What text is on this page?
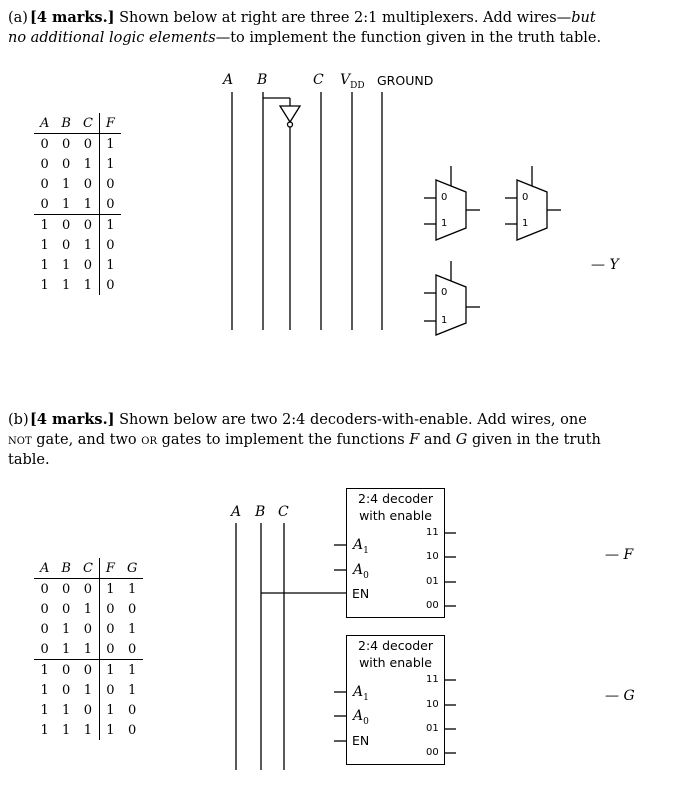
(a) [4 marks.] Shown below at right are three 2:1 multiplexers. Add wires—but no additional logic elements—to implement the function given in the truth table.
A B	C $V_{DD}$ GROUND
A	B	C	F
0	0	0	1
0	0	1	1
0	1	0	0
0	1	1	0
1	0	0	1
1	0	1	0
1	1	0	1
1	1	1	0
— Y
(b)[4 marks.] Shown below are two 2:4 decoders-with-enable. Add wires, one not gate, and two or gates to implement the functions F and G given in the truth table.
A B C
A	B	C	F	G
0	0	0	1	1
0	0	1	0	0
0	1	0	0	1
0	1	1	0	0
1	0	0	1	1
1	0	1	0	1
1	1	0	1	0
1	1	1	1	0
— F
— G
0
1
0
1
0
1
2:4 decoder
with enable
$A_1$
$A_0$
EN
11
10
01
00
2:4 decoder
with enable
$A_1$
$A_0$
EN
11
10
01
00
